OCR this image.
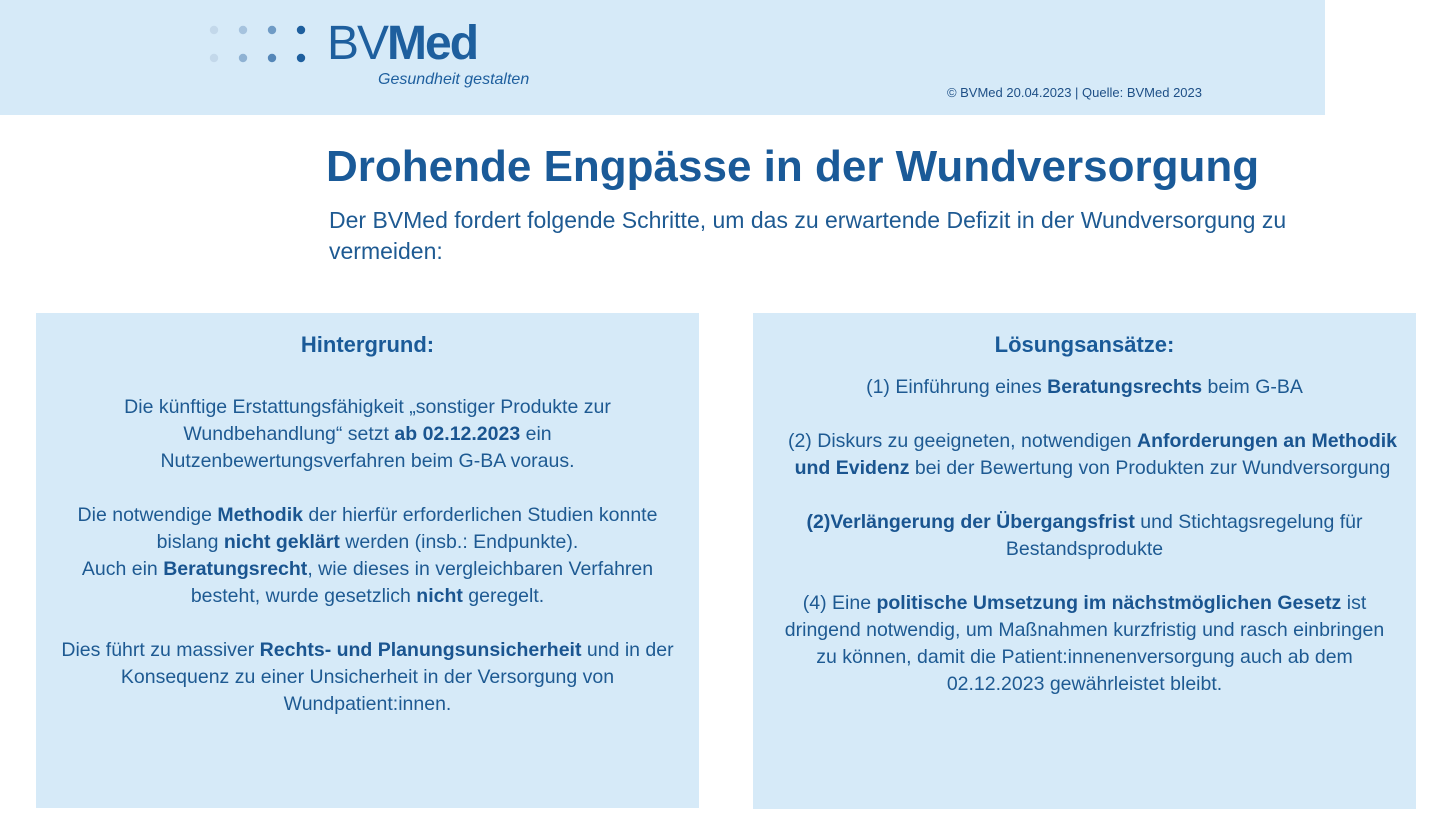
BVMed
Gesundheit gestalten
© BVMed 20.04.2023 | Quelle: BVMed 2023
Drohende Engpässe in der Wundversorgung

Der BVMed fordert folgende Schritte, um das zu erwartende Defizit in der Wundversorgung zu vermeiden:

Hintergrund:

Die künftige Erstattungsfähigkeit „sonstiger Produkte zur Wundbehandlung“ setzt ab 02.12.2023 ein Nutzenbewertungsverfahren beim G-BA voraus.

Die notwendige Methodik der hierfür erforderlichen Studien konnte bislang nicht geklärt werden (insb.: Endpunkte).

Auch ein Beratungsrecht, wie dieses in vergleichbaren Verfahren besteht, wurde gesetzlich nicht geregelt.

Dies führt zu massiver Rechts- und Planungsunsicherheit und in der Konsequenz zu einer Unsicherheit in der Versorgung von Wundpatient:innen.

Lösungsansätze:

(1) Einführung eines Beratungsrechts beim G-BA

(2) Diskurs zu geeigneten, notwendigen Anforderungen an Methodik und Evidenz bei der Bewertung von Produkten zur Wundversorgung

(2)Verlängerung der Übergangsfrist und Stichtagsregelung für Bestandsprodukte

(4) Eine politische Umsetzung im nächstmöglichen Gesetz ist dringend notwendig, um Maßnahmen kurzfristig und rasch einbringen zu können, damit die Patient:innenenversorgung auch ab dem 02.12.2023 gewährleistet bleibt.
